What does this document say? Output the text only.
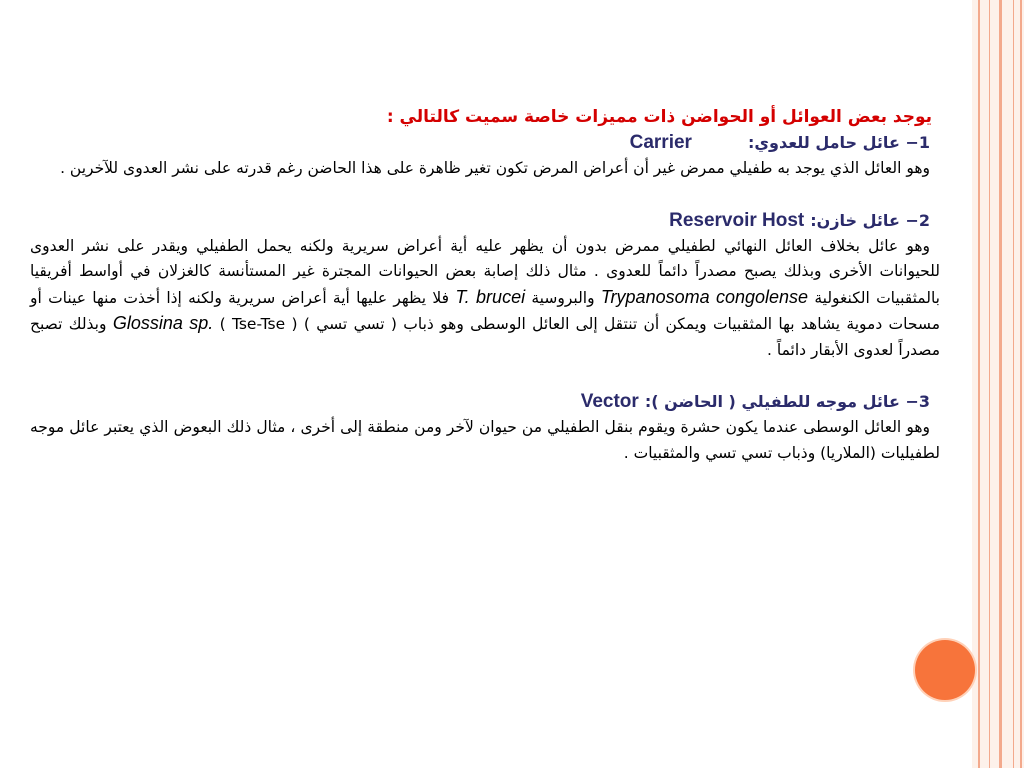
يوجد بعض العوائل أو الحواضن ذات مميزات خاصة سميت كالتالي :

1− عائل حامل للعدوي:Carrier

وهو العائل الذي يوجد به طفيلي ممرض غير أن أعراض المرض تكون تغير ظاهرة على هذا الحاضن رغم قدرته على نشر العدوى للآخرين .

2− عائل خازن:Reservoir Host

وهو عائل بخلاف العائل النهائي لطفيلي ممرض بدون أن يظهر عليه أية أعراض سريرية ولكنه يحمل الطفيلي ويقدر على نشر العدوى للحيوانات الأخرى وبذلك يصبح مصدراً دائماً للعدوى . مثال ذلك إصابة بعض الحيوانات المجترة غير المستأنسة كالغزلان في أواسط أفريقيا بالمثقبيات الكنغولية Trypanosoma congolense والبروسية T. brucei فلا يظهر عليها أية أعراض سريرية ولكنه إذا أخذت منها عينات أو مسحات دموية يشاهد بها المثقبيات ويمكن أن تنتقل إلى العائل الوسطى وهو ذباب ( تسي تسي ) ( Tse-Tse ) Glossina sp. وبذلك تصبح مصدراً لعدوى الأبقار دائماً .

3− عائل موجه للطفيلي ( الحاضن ):Vector

وهو العائل الوسطى عندما يكون حشرة ويقوم بنقل الطفيلي من حيوان لآخر ومن منطقة إلى أخرى ، مثال ذلك البعوض الذي يعتبر عائل موجه لطفيليات (الملاريا) وذباب تسي تسي والمثقبيات .
